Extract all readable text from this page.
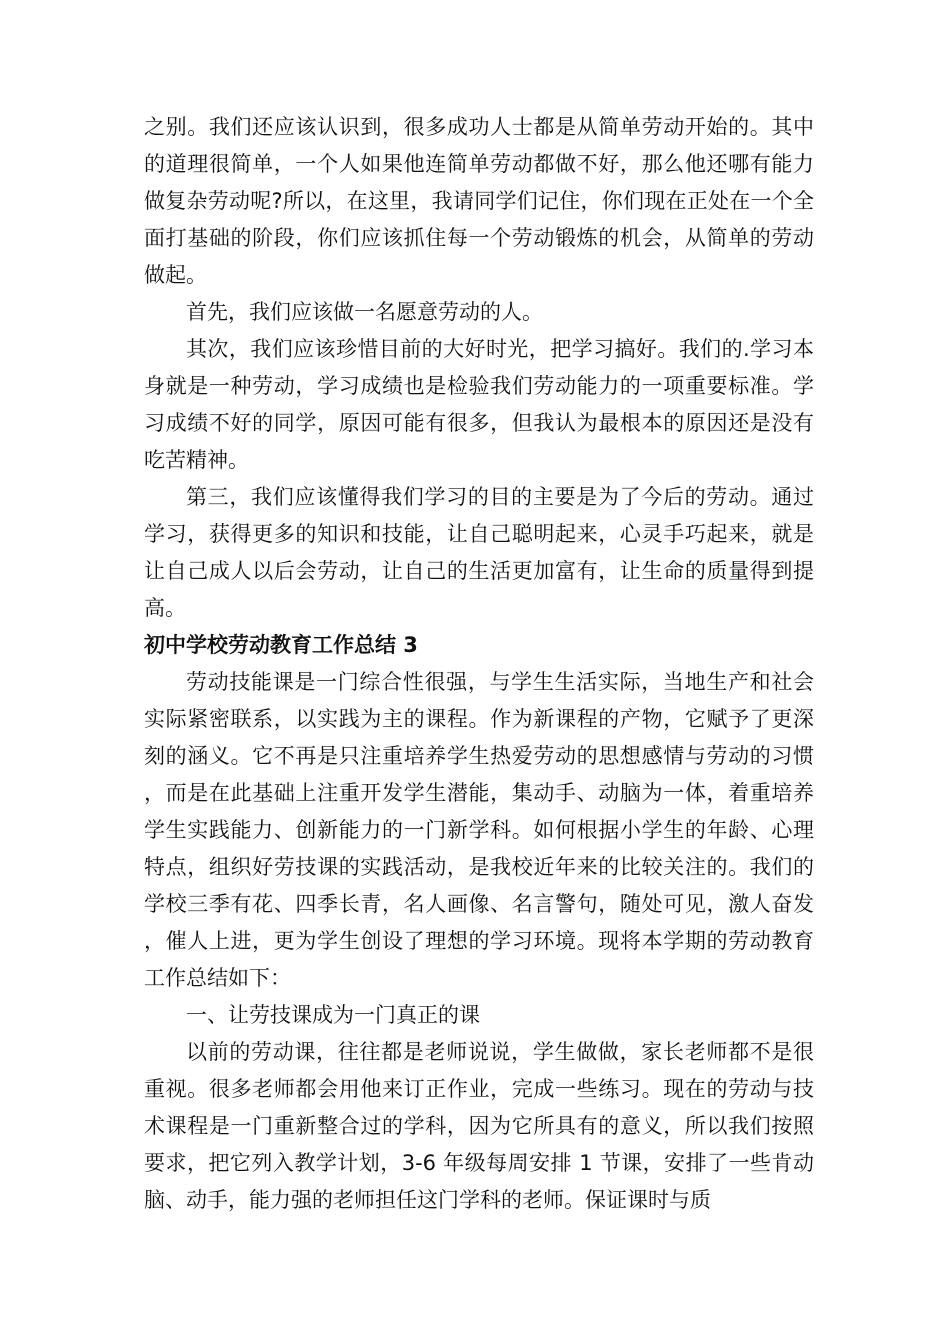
之别。我们还应该认识到，很多成功人士都是从简单劳动开始的。其中的道理很简单，一个人如果他连简单劳动都做不好，那么他还哪有能力做复杂劳动呢?所以，在这里，我请同学们记住，你们现在正处在一个全面打基础的阶段，你们应该抓住每一个劳动锻炼的机会，从简单的劳动做起。

首先，我们应该做一名愿意劳动的人。

其次，我们应该珍惜目前的大好时光，把学习搞好。我们的.学习本身就是一种劳动，学习成绩也是检验我们劳动能力的一项重要标准。学习成绩不好的同学，原因可能有很多，但我认为最根本的原因还是没有吃苦精神。

第三，我们应该懂得我们学习的目的主要是为了今后的劳动。通过学习，获得更多的知识和技能，让自己聪明起来，心灵手巧起来，就是让自己成人以后会劳动，让自己的生活更加富有，让生命的质量得到提高。

初中学校劳动教育工作总结 3

劳动技能课是一门综合性很强，与学生生活实际，当地生产和社会实际紧密联系，以实践为主的课程。作为新课程的产物，它赋予了更深刻的涵义。它不再是只注重培养学生热爱劳动的思想感情与劳动的习惯，而是在此基础上注重开发学生潜能，集动手、动脑为一体，着重培养学生实践能力、创新能力的一门新学科。如何根据小学生的年龄、心理特点，组织好劳技课的实践活动，是我校近年来的比较关注的。我们的学校三季有花、四季长青，名人画像、名言警句，随处可见，激人奋发，催人上进，更为学生创设了理想的学习环境。现将本学期的劳动教育工作总结如下：

一、让劳技课成为一门真正的课

以前的劳动课，往往都是老师说说，学生做做，家长老师都不是很重视。很多老师都会用他来订正作业，完成一些练习。现在的劳动与技术课程是一门重新整合过的学科，因为它所具有的意义，所以我们按照要求，把它列入教学计划，3-6 年级每周安排 1 节课，安排了一些肯动脑、动手，能力强的老师担任这门学科的老师。保证课时与质
